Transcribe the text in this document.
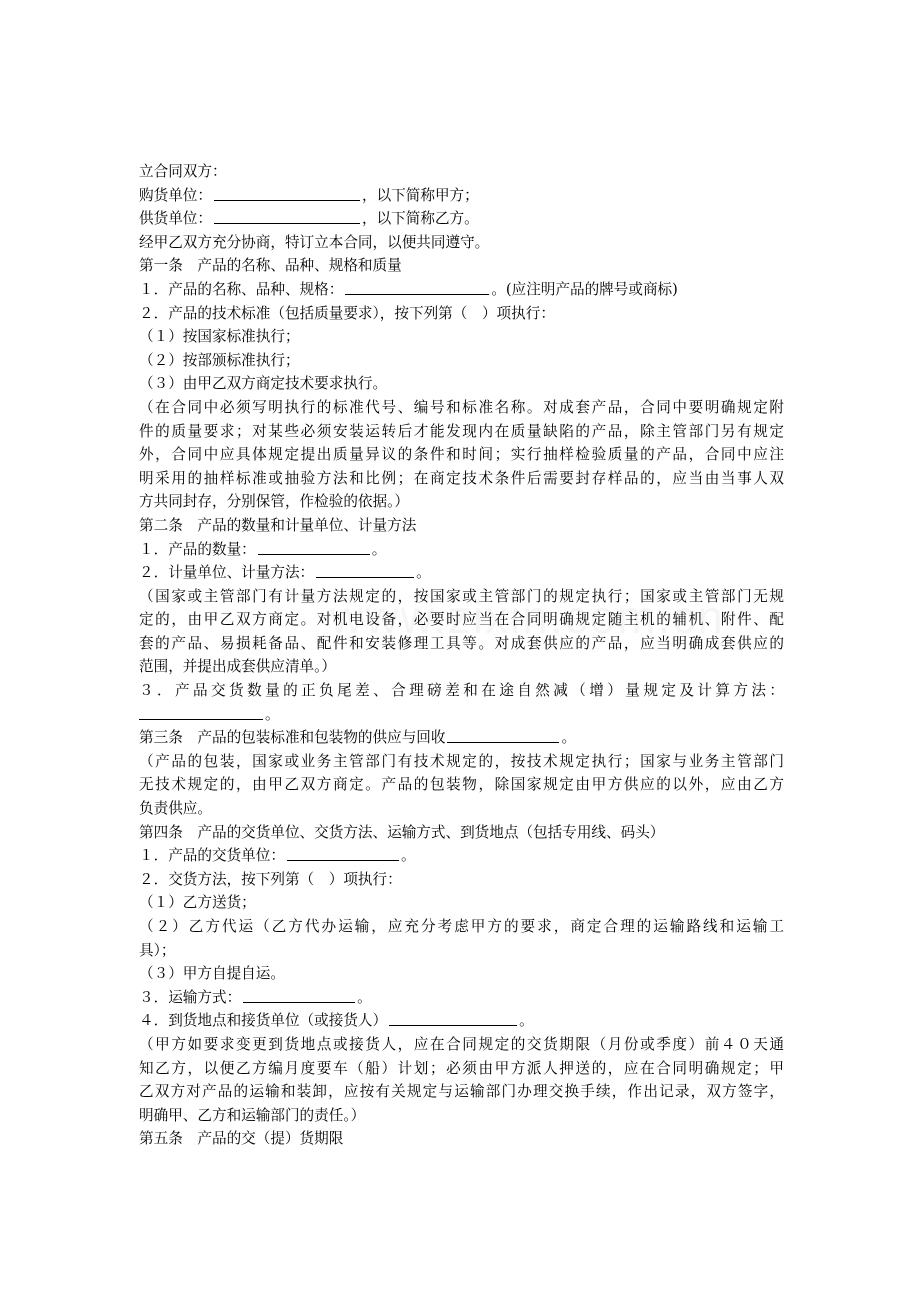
立合同双方：
购货单位：	，以下简称甲方；
供货单位：	，以下简称乙方。
经甲乙双方充分协商，特订立本合同，以便共同遵守。
第一条　产品的名称、品种、规格和质量
１．产品的名称、品种、规格：	。(应注明产品的牌号或商标)
２．产品的技术标准（包括质量要求），按下列第（　）项执行：
（１）按国家标准执行；
（２）按部颁标准执行；
（３）由甲乙双方商定技术要求执行。
（在合同中必须写明执行的标准代号、编号和标准名称。对成套产品，合同中要明确规定附
件的质量要求；对某些必须安装运转后才能发现内在质量缺陷的产品，除主管部门另有规定
外，合同中应具体规定提出质量异议的条件和时间；实行抽样检验质量的产品，合同中应注
明采用的抽样标准或抽验方法和比例；在商定技术条件后需要封存样品的，应当由当事人双
方共同封存，分别保管，作检验的依据。）
第二条　产品的数量和计量单位、计量方法
１．产品的数量：	。
２．计量单位、计量方法：	。
（国家或主管部门有计量方法规定的，按国家或主管部门的规定执行；国家或主管部门无规
定的，由甲乙双方商定。对机电设备，必要时应当在合同明确规定随主机的辅机、附件、配
套的产品、易损耗备品、配件和安装修理工具等。对成套供应的产品，应当明确成套供应的
范围，并提出成套供应清单。）
３．产品交货数量的正负尾差、合理磅差和在途自然减（增）量规定及计算方法：
。
第三条　产品的包装标准和包装物的供应与回收	。
（产品的包装，国家或业务主管部门有技术规定的，按技术规定执行；国家与业务主管部门
无技术规定的，由甲乙双方商定。产品的包装物，除国家规定由甲方供应的以外，应由乙方
负责供应。
第四条　产品的交货单位、交货方法、运输方式、到货地点（包括专用线、码头）
１．产品的交货单位：	。
２．交货方法，按下列第（　）项执行：
（１）乙方送货；
（２）乙方代运（乙方代办运输，应充分考虑甲方的要求，商定合理的运输路线和运输工
具）；
（３）甲方自提自运。
３．运输方式：	。
４．到货地点和接货单位（或接货人）	。
（甲方如要求变更到货地点或接货人，应在合同规定的交货期限（月份或季度）前４０天通
知乙方，以便乙方编月度要车（船）计划；必须由甲方派人押送的，应在合同明确规定；甲
乙双方对产品的运输和装卸，应按有关规定与运输部门办理交换手续，作出记录，双方签字，
明确甲、乙方和运输部门的责任。）
第五条　产品的交（提）货期限
